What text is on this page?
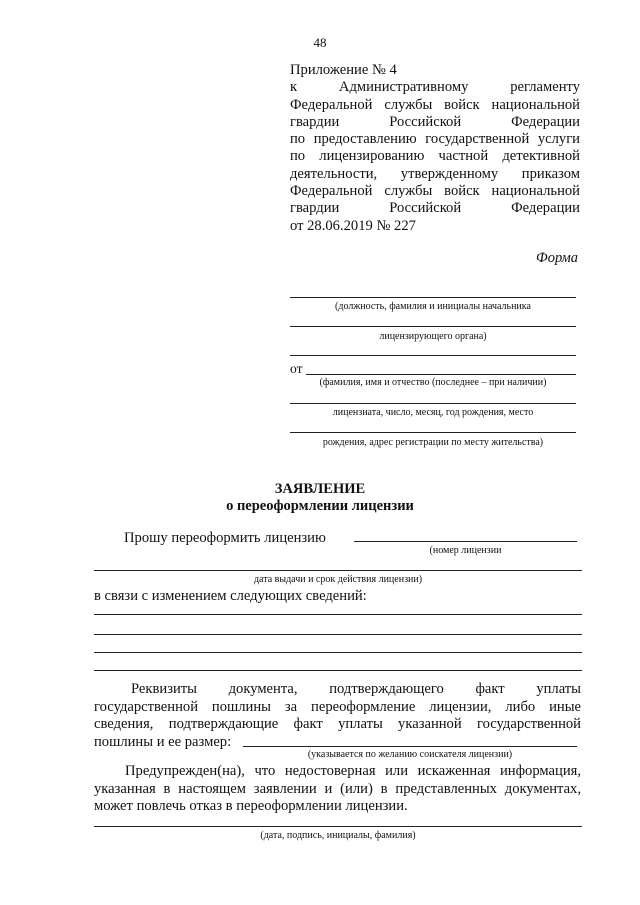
48
Приложение № 4
к Административному регламенту
Федеральной службы войск национальной
гвардии Российской Федерации
по предоставлению государственной услуги
по лицензированию частной детективной
деятельности, утвержденному приказом
Федеральной службы войск национальной
гвардии Российской Федерации
от 28.06.2019 № 227
Форма
(должность, фамилия и инициалы начальника
лицензирующего органа)
от
(фамилия, имя и отчество (последнее – при наличии)
лицензиата, число, месяц, год рождения, место
рождения, адрес регистрации по месту жительства)
ЗАЯВЛЕНИЕ
о переоформлении лицензии
Прошу переоформить лицензию
(номер лицензии
дата выдачи и срок действия лицензии)
в связи с изменением следующих сведений:
Реквизиты документа, подтверждающего факт уплаты
государственной пошлины за переоформление лицензии, либо иные
сведения, подтверждающие факт уплаты указанной государственной
пошлины и ее размер:
(указывается по желанию соискателя лицензии)
Предупрежден(на), что недостоверная или искаженная информация,
указанная в настоящем заявлении и (или) в представленных документах,
может повлечь отказ в переоформлении лицензии.
(дата, подпись, инициалы, фамилия)
